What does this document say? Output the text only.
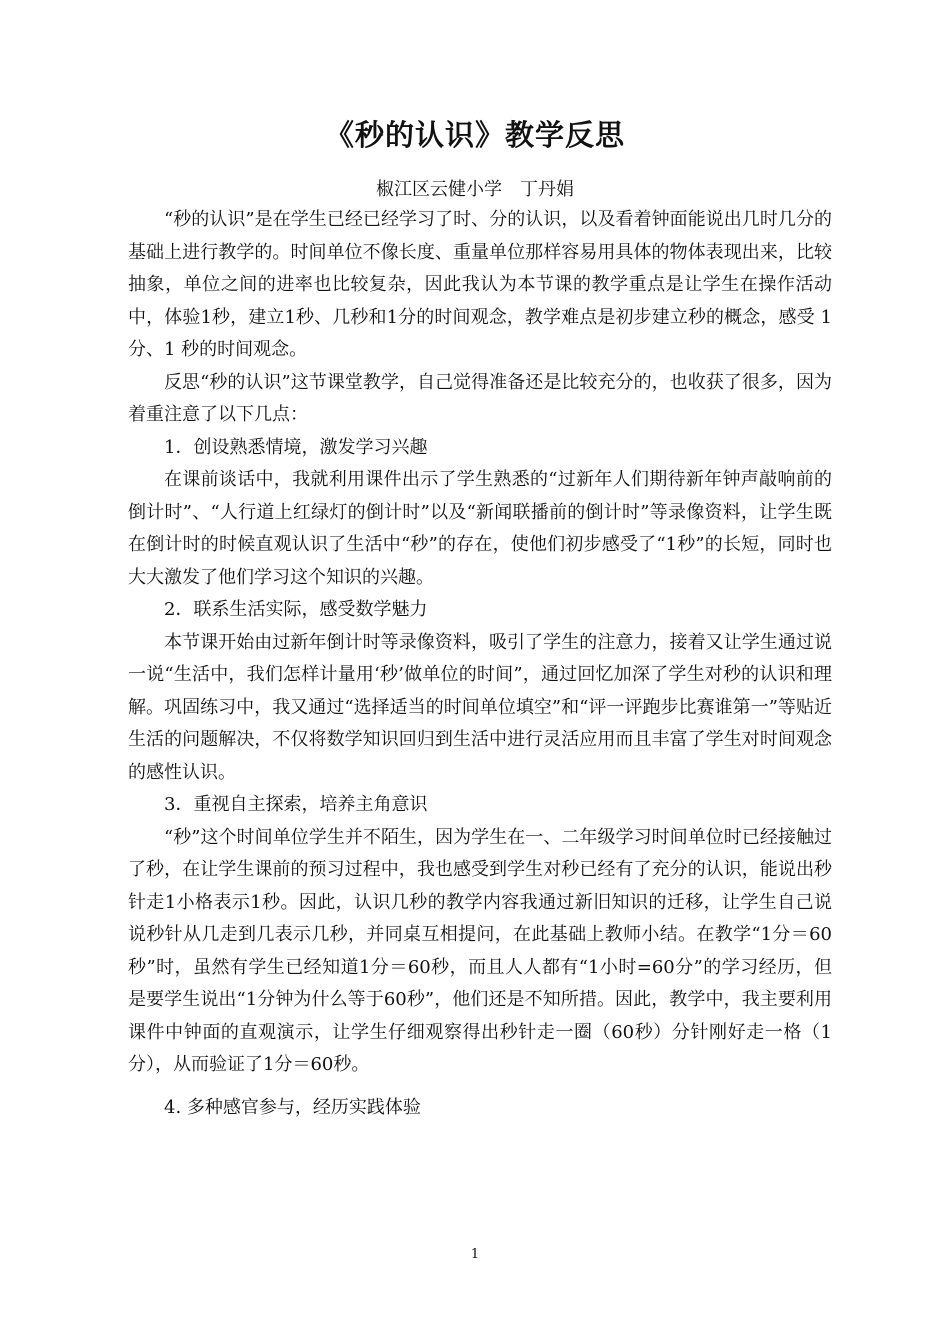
《秒的认识》教学反思
椒江区云健小学　丁丹娟

“秒的认识”是在学生已经已经学习了时、分的认识，以及看着钟面能说出几时几分的基础上进行教学的。时间单位不像长度、重量单位那样容易用具体的物体表现出来，比较抽象，单位之间的进率也比较复杂，因此我认为本节课的教学重点是让学生在操作活动中，体验1秒，建立1秒、几秒和1分的时间观念，教学难点是初步建立秒的概念，感受 1 分、1 秒的时间观念。

反思“秒的认识”这节课堂教学，自己觉得准备还是比较充分的，也收获了很多，因为着重注意了以下几点：

1．创设熟悉情境，激发学习兴趣

在课前谈话中，我就利用课件出示了学生熟悉的“过新年人们期待新年钟声敲响前的倒计时”、“人行道上红绿灯的倒计时”以及“新闻联播前的倒计时”等录像资料，让学生既在倒计时的时候直观认识了生活中“秒”的存在，使他们初步感受了“1秒”的长短，同时也大大激发了他们学习这个知识的兴趣。

2．联系生活实际，感受数学魅力

本节课开始由过新年倒计时等录像资料，吸引了学生的注意力，接着又让学生通过说一说“生活中，我们怎样计量用‘秒’做单位的时间”，通过回忆加深了学生对秒的认识和理解。巩固练习中，我又通过“选择适当的时间单位填空”和“评一评跑步比赛谁第一”等贴近生活的问题解决，不仅将数学知识回归到生活中进行灵活应用而且丰富了学生对时间观念的感性认识。

3．重视自主探索，培养主角意识

“秒”这个时间单位学生并不陌生，因为学生在一、二年级学习时间单位时已经接触过了秒，在让学生课前的预习过程中，我也感受到学生对秒已经有了充分的认识，能说出秒针走1小格表示1秒。因此，认识几秒的教学内容我通过新旧知识的迁移，让学生自己说说秒针从几走到几表示几秒，并同桌互相提问，在此基础上教师小结。在教学“1分＝60秒”时，虽然有学生已经知道1分＝60秒，而且人人都有“1小时=60分”的学习经历，但是要学生说出“1分钟为什么等于60秒”，他们还是不知所措。因此，教学中，我主要利用课件中钟面的直观演示，让学生仔细观察得出秒针走一圈（60秒）分针刚好走一格（1分），从而验证了1分＝60秒。

4. 多种感官参与，经历实践体验

1
